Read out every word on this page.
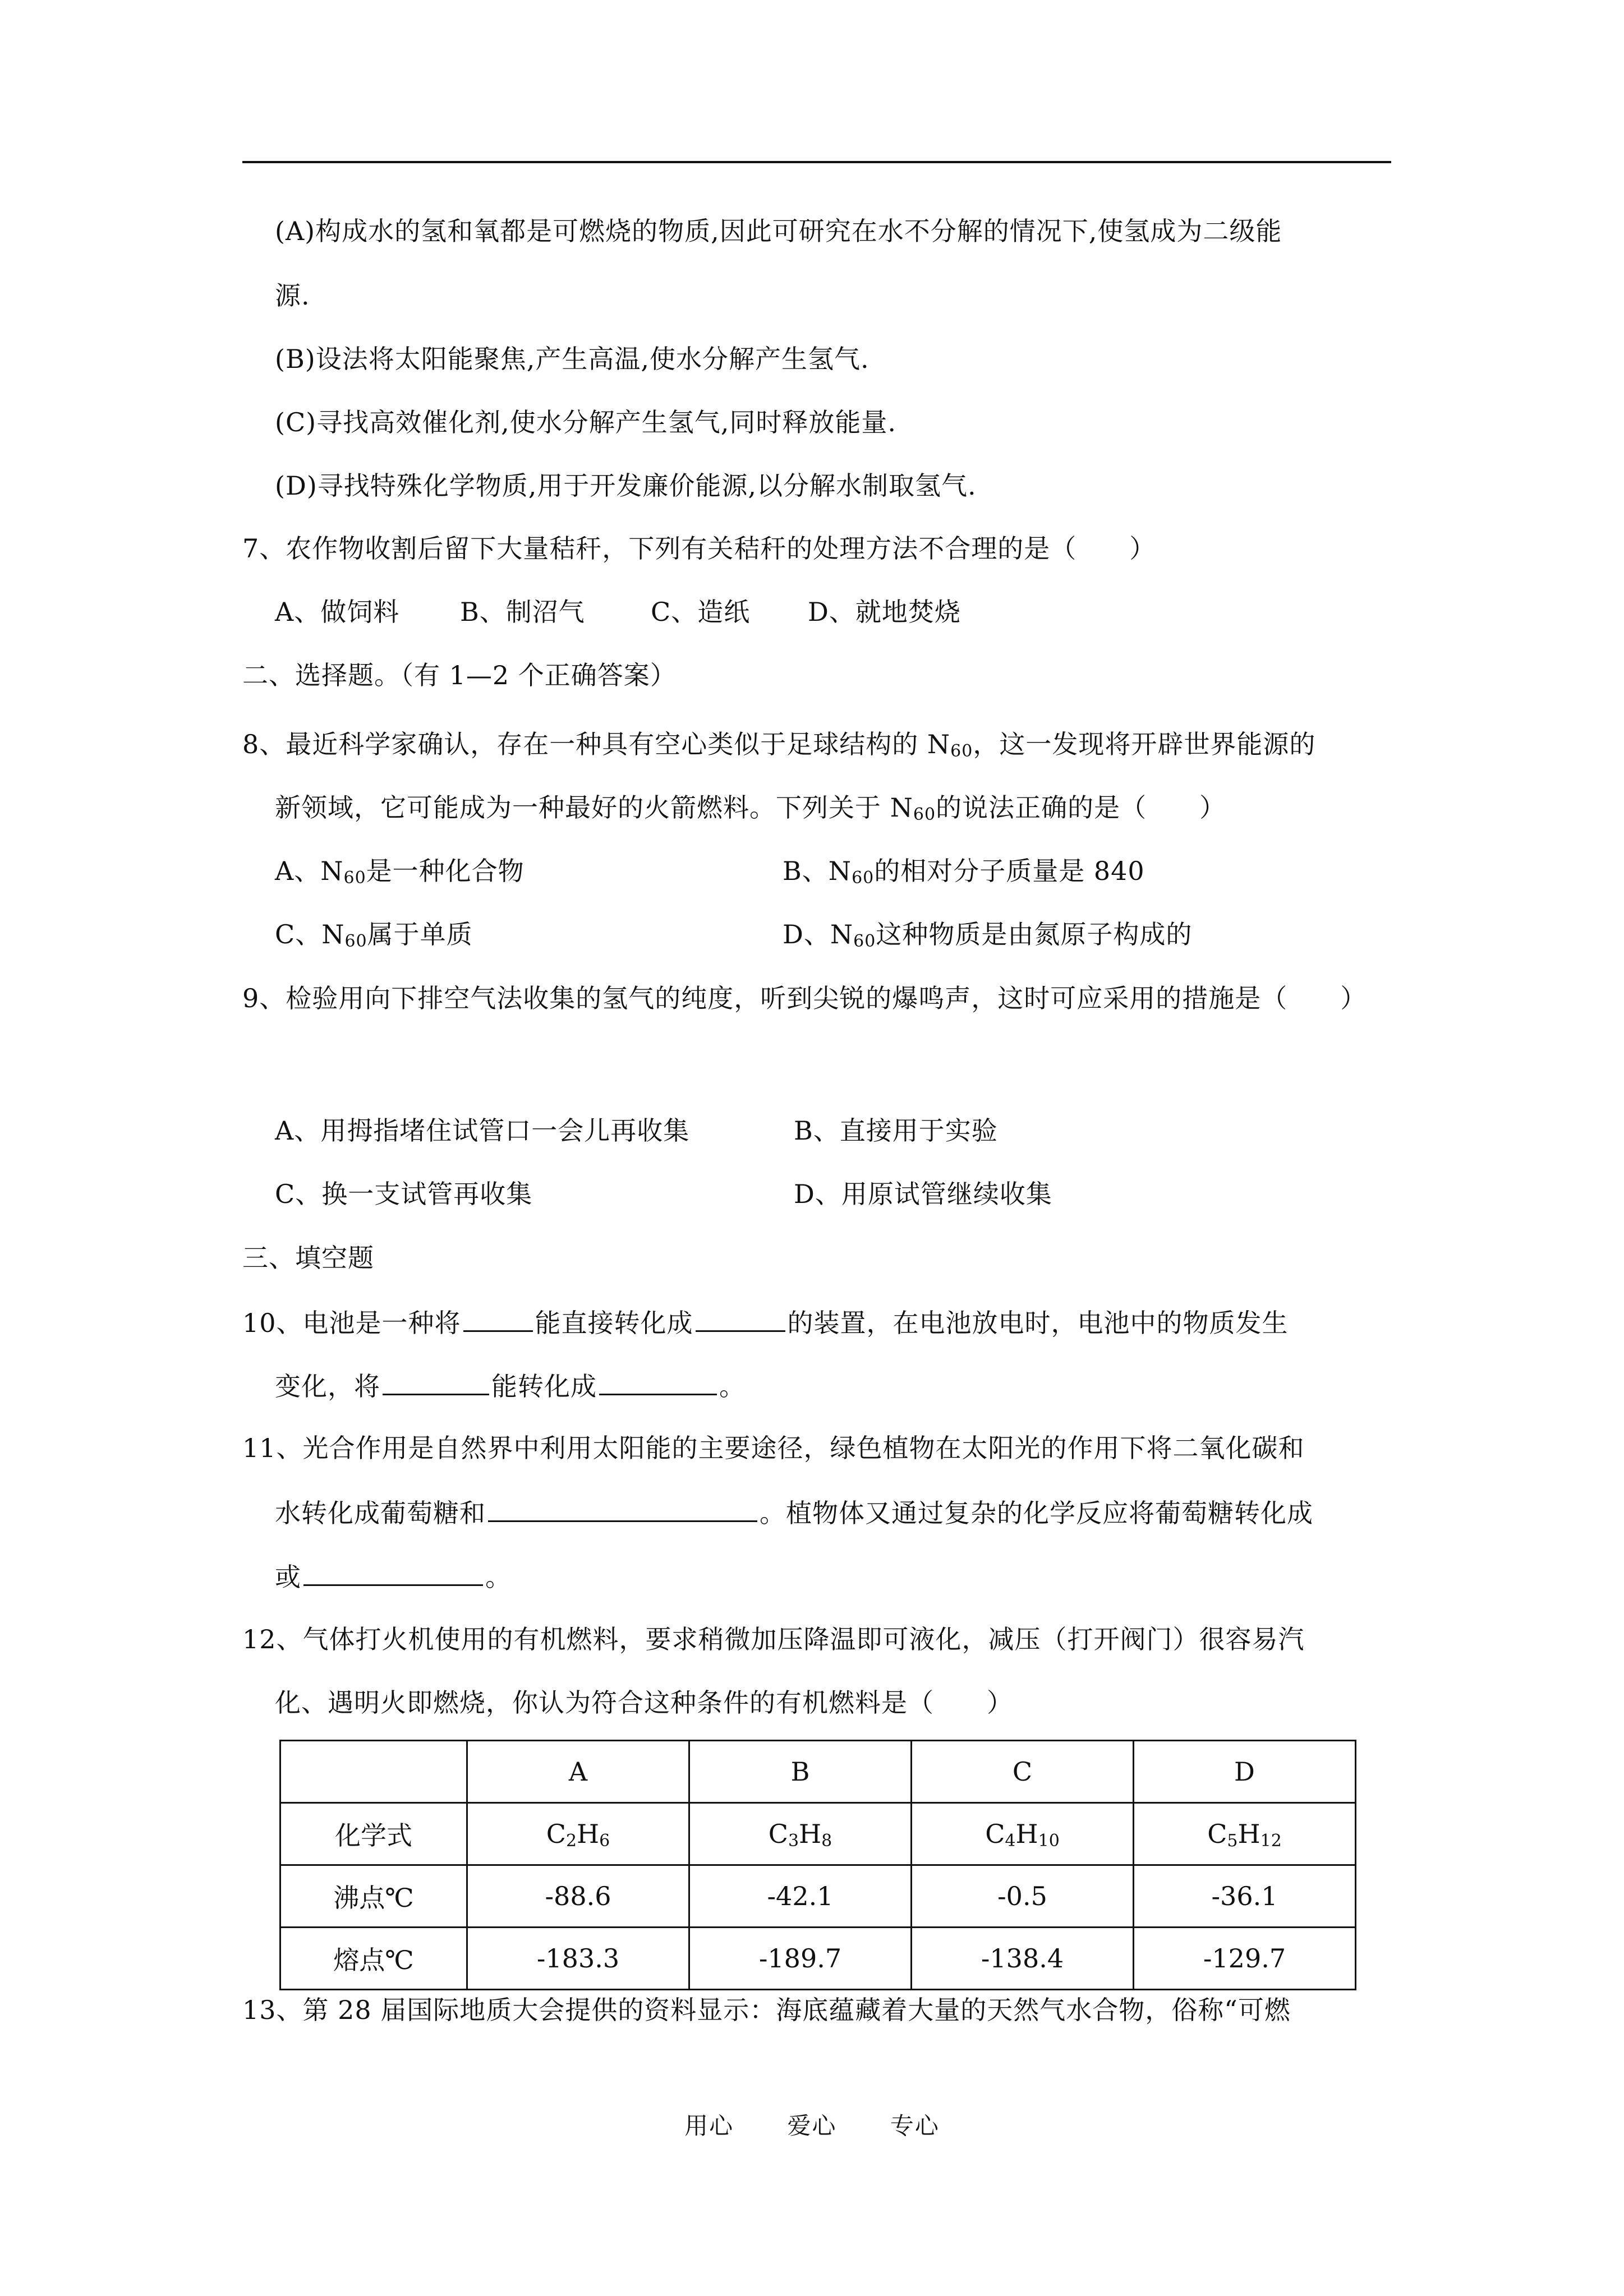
(A)构成水的氢和氧都是可燃烧的物质,因此可研究在水不分解的情况下,使氢成为二级能
源.
(B)设法将太阳能聚焦,产生高温,使水分解产生氢气.
(C)寻找高效催化剂,使水分解产生氢气,同时释放能量.
(D)寻找特殊化学物质,用于开发廉价能源,以分解水制取氢气.
7、农作物收割后留下大量秸秆，下列有关秸秆的处理方法不合理的是（　　）
A、做饲料 B、制沼气	C、造纸 D、就地焚烧
二、选择题。（有 1—2 个正确答案）
8、最近科学家确认，存在一种具有空心类似于足球结构的 $N_{60}$，这一发现将开辟世界能源的
新领域，它可能成为一种最好的火箭燃料。下列关于 $N_{60}$的说法正确的是（　　）
A、$N_{60}$是一种化合物	B、$N_{60}$的相对分子质量是 840
C、$N_{60}$属于单质	D、$N_{60}$这种物质是由氮原子构成的
9、检验用向下排空气法收集的氢气的纯度，听到尖锐的爆鸣声，这时可应采用的措施是（　　）
A、用拇指堵住试管口一会儿再收集	B、直接用于实验
C、换一支试管再收集	D、用原试管继续收集
三、填空题
10、电池是一种将	能直接转化成	的装置，在电池放电时，电池中的物质发生
变化，将	能转化成	。
11、光合作用是自然界中利用太阳能的主要途径，绿色植物在太阳光的作用下将二氧化碳和
水转化成葡萄糖和	。植物体又通过复杂的化学反应将葡萄糖转化成
或	。
12、气体打火机使用的有机燃料，要求稍微加压降温即可液化，减压（打开阀门）很容易汽
化、遇明火即燃烧，你认为符合这种条件的有机燃料是（　　）
	A	B	C	D
化学式	$C_2H_6$	$C_3H_8$	$C_4H_{10}$	$C_5H_{12}$
沸点℃	-88.6	-42.1	-0.5	-36.1
熔点℃	-183.3	-189.7	-138.4	-129.7
13、第 28 届国际地质大会提供的资料显示：海底蕴藏着大量的天然气水合物，俗称“可燃
用心 爱心 专心
